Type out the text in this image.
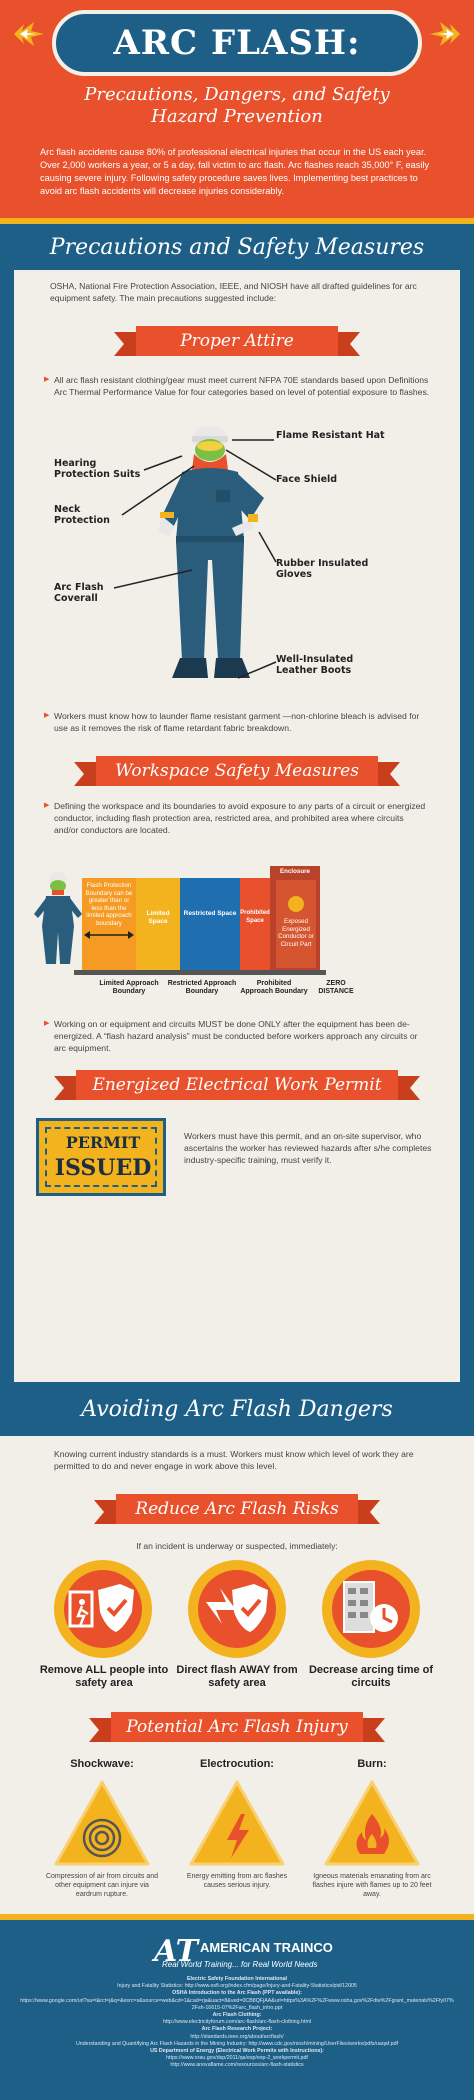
ARC FLASH:
Precautions, Dangers, and Safety
Hazard Prevention
Arc flash accidents cause 80% of professional electrical injuries that occur in the US each year. Over 2,000 workers a year, or 5 a day, fall victim to arc flash. Arc flashes reach 35,000° F, easily causing severe injury. Following safety procedure saves lives. Implementing best practices to avoid arc flash accidents will decrease injuries considerably.
Precautions and Safety Measures
OSHA, National Fire Protection Association, IEEE, and NIOSH have all drafted guidelines for arc equipment safety. The main precautions suggested include:
Proper Attire
▶ All arc flash resistant clothing/gear must meet current NFPA 70E standards based upon Definitions Arc Thermal Performance Value for four categories based on level of potential exposure to flashes.
Flame Resistant Hat
Hearing Protection Suits	Face Shield
Neck Protection
Rubber Insulated Gloves
Arc Flash Coverall
Well-Insulated Leather Boots
▶ Workers must know how to launder flame resistant garment —non-chlorine bleach is advised for use as it removes the risk of flame retardant fabric breakdown.
Workspace Safety Measures
▶ Defining the workspace and its boundaries to avoid exposure to any parts of a circuit or energized conductor, including flash protection area, restricted area, and prohibited area where circuits and/or conductors are located.
Flash Protection Boundary can be greater than or less than the limited approach boundary
Limited Space
Restricted Space Prohibited Space
Enclosure
Exposed Energized Conductor or Circuit Part
Limited Approach Boundary
Restricted Approach Boundary
Prohibited Approach Boundary
ZERO DISTANCE
▶ Working on or equipment and circuits MUST be done ONLY after the equipment has been de-energized. A “flash hazard analysis” must be conducted before workers approach any circuits or arc equipment.
Energized Electrical Work Permit
PERMIT
ISSUED
Workers must have this permit, and an on-site supervisor, who ascertains the worker has reviewed hazards after s/he completes industry-specific training, must verify it.
Avoiding Arc Flash Dangers
Knowing current industry standards is a must. Workers must know which level of work they are permitted to do and never engage in work above this level.
Reduce Arc Flash Risks
If an incident is underway or suspected, immediately:
Remove ALL people into safety area
Direct flash AWAY from safety area
Decrease arcing time of circuits
Potential Arc Flash Injury
Shockwave:
Compression of air from circuits and other equipment can injure via eardrum rupture.
Electrocution:
Energy emitting from arc flashes causes serious injury.
Burn:
Igneous materials emanating from arc flashes injure with flames up to 20 feet away.
AT AMERICAN TRAINCO
Real World Training... for Real World Needs
Electric Safety Foundation International
Injury and Fatality Statistics: http://www.esfi.org/index.cfm/page/Injury-and-Fatality-Statistics/pid/12005
OSHA Introduction to the Arc Flash (PPT available):
https://www.google.com/url?sa=t&rct=j&q=&esrc=s&source=web&cd=1&cad=rja&uact=8&ved=0CB8QFjAA&url=https%3A%2F%2Fwww.osha.gov%2Fdte%2Fgrant_materials%2Ffy07%2Fsh-16615-07%2Farc_flash_intro.ppt
Arc Flash Clothing:
http://www.electricityforum.com/arc-flash/arc-flash-clothing.html
Arc Flash Research Project:
http://standards.ieee.org/about/arcflash/
Understanding and Quantifying Arc Flash Hazards in the Mining Industry: http://www.cdc.gov/niosh/mining/UserFiles/works/pdfs/uaqaf.pdf
US Department of Energy (Electrical Work Permits with Instructions):
https://www.orau.gov/dsp/2011/qa/esp/esp-2_workpermit.pdf
http://www.anovaflame.com/resources/arc-flash-statistics
